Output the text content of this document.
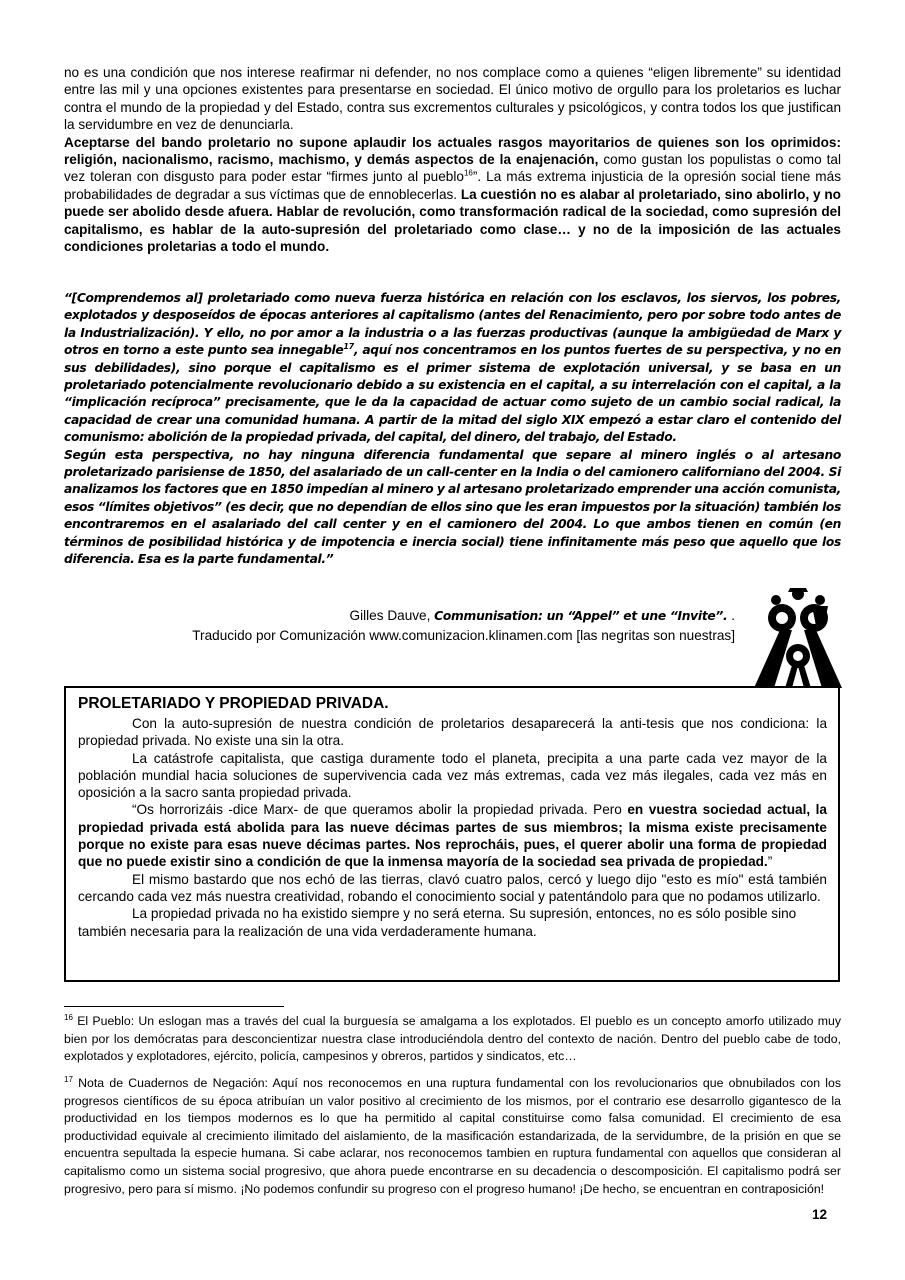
no es una condición que nos interese reafirmar ni defender, no nos complace como a quienes “eligen libremente” su identidad entre las mil y una opciones existentes para presentarse en sociedad. El único motivo de orgullo para los proletarios es luchar contra el mundo de la propiedad y del Estado, contra sus excrementos culturales y psicológicos, y contra todos los que justifican la servidumbre en vez de denunciarla.

Aceptarse del bando proletario no supone aplaudir los actuales rasgos mayoritarios de quienes son los oprimidos: religión, nacionalismo, racismo, machismo, y demás aspectos de la enajenación, como gustan los populistas o como tal vez toleran con disgusto para poder estar “firmes junto al pueblo$^{16}$”. La más extrema injusticia de la opresión social tiene más probabilidades de degradar a sus víctimas que de ennoblecerlas. La cuestión no es alabar al proletariado, sino abolirlo, y no puede ser abolido desde afuera. Hablar de revolución, como transformación radical de la sociedad, como supresión del capitalismo, es hablar de la auto-supresión del proletariado como clase… y no de la imposición de las actuales condiciones proletarias a todo el mundo.

“[Comprendemos al] proletariado como nueva fuerza histórica en relación con los esclavos, los siervos, los pobres, explotados y desposeídos de épocas anteriores al capitalismo (antes del Renacimiento, pero por sobre todo antes de la Industrialización). Y ello, no por amor a la industria o a las fuerzas productivas (aunque la ambigüedad de Marx y otros en torno a este punto sea innegable$^{17}$, aquí nos concentramos en los puntos fuertes de su perspectiva, y no en sus debilidades), sino porque el capitalismo es el primer sistema de explotación universal, y se basa en un proletariado potencialmente revolucionario debido a su existencia en el capital, a su interrelación con el capital, a la “implicación recíproca” precisamente, que le da la capacidad de actuar como sujeto de un cambio social radical, la capacidad de crear una comunidad humana. A partir de la mitad del siglo XIX empezó a estar claro el contenido del comunismo: abolición de la propiedad privada, del capital, del dinero, del trabajo, del Estado.

Según esta perspectiva, no hay ninguna diferencia fundamental que separe al minero inglés o al artesano proletarizado parisiense de 1850, del asalariado de un call-center en la India o del camionero californiano del 2004. Si analizamos los factores que en 1850 impedían al minero y al artesano proletarizado emprender una acción comunista, esos “límites objetivos” (es decir, que no dependían de ellos sino que les eran impuestos por la situación) también los encontraremos en el asalariado del call center y en el camionero del 2004. Lo que ambos tienen en común (en términos de posibilidad histórica y de impotencia e inercia social) tiene infinitamente más peso que aquello que los diferencia. Esa es la parte fundamental.”

Gilles Dauve, Communisation: un “Appel” et une “Invite”. .

Traducido por Comunización www.comunizacion.klinamen.com [las negritas son nuestras]

PROLETARIADO Y PROPIEDAD PRIVADA.

Con la auto-supresión de nuestra condición de proletarios desaparecerá la anti-tesis que nos condiciona: la propiedad privada. No existe una sin la otra.

La catástrofe capitalista, que castiga duramente todo el planeta, precipita a una parte cada vez mayor de la población mundial hacia soluciones de supervivencia cada vez más extremas, cada vez más ilegales, cada vez más en oposición a la sacro santa propiedad privada.

“Os horrorizáis -dice Marx- de que queramos abolir la propiedad privada. Pero en vuestra sociedad actual, la propiedad privada está abolida para las nueve décimas partes de sus miembros; la misma existe precisamente porque no existe para esas nueve décimas partes. Nos reprocháis, pues, el querer abolir una forma de propiedad que no puede existir sino a condición de que la inmensa mayoría de la sociedad sea privada de propiedad.”

El mismo bastardo que nos echó de las tierras, clavó cuatro palos, cercó y luego dijo "esto es mío" está también cercando cada vez más nuestra creatividad, robando el conocimiento social y patentándolo para que no podamos utilizarlo.

La propiedad privada no ha existido siempre y no será eterna. Su supresión, entonces, no es sólo posible sino también necesaria para la realización de una vida verdaderamente humana.

$^{16}$ El Pueblo: Un eslogan mas a través del cual la burguesía se amalgama a los explotados. El pueblo es un concepto amorfo utilizado muy bien por los demócratas para desconcientizar nuestra clase introduciéndola dentro del contexto de nación. Dentro del pueblo cabe de todo, explotados y explotadores, ejército, policía, campesinos y obreros, partidos y sindicatos, etc…

$^{17}$ Nota de Cuadernos de Negación: Aquí nos reconocemos en una ruptura fundamental con los revolucionarios que obnubilados con los progresos científicos de su época atribuían un valor positivo al crecimiento de los mismos, por el contrario ese desarrollo gigantesco de la productividad en los tiempos modernos es lo que ha permitido al capital constituirse como falsa comunidad. El crecimiento de esa productividad equivale al crecimiento ilimitado del aislamiento, de la masificación estandarizada, de la servidumbre, de la prisión en que se encuentra sepultada la especie humana. Si cabe aclarar, nos reconocemos tambien en ruptura fundamental con aquellos que consideran al capitalismo como un sistema social progresivo, que ahora puede encontrarse en su decadencia o descomposición. El capitalismo podrá ser progresivo, pero para sí mismo. ¡No podemos confundir su progreso con el progreso humano! ¡De hecho, se encuentran en contraposición!

12
